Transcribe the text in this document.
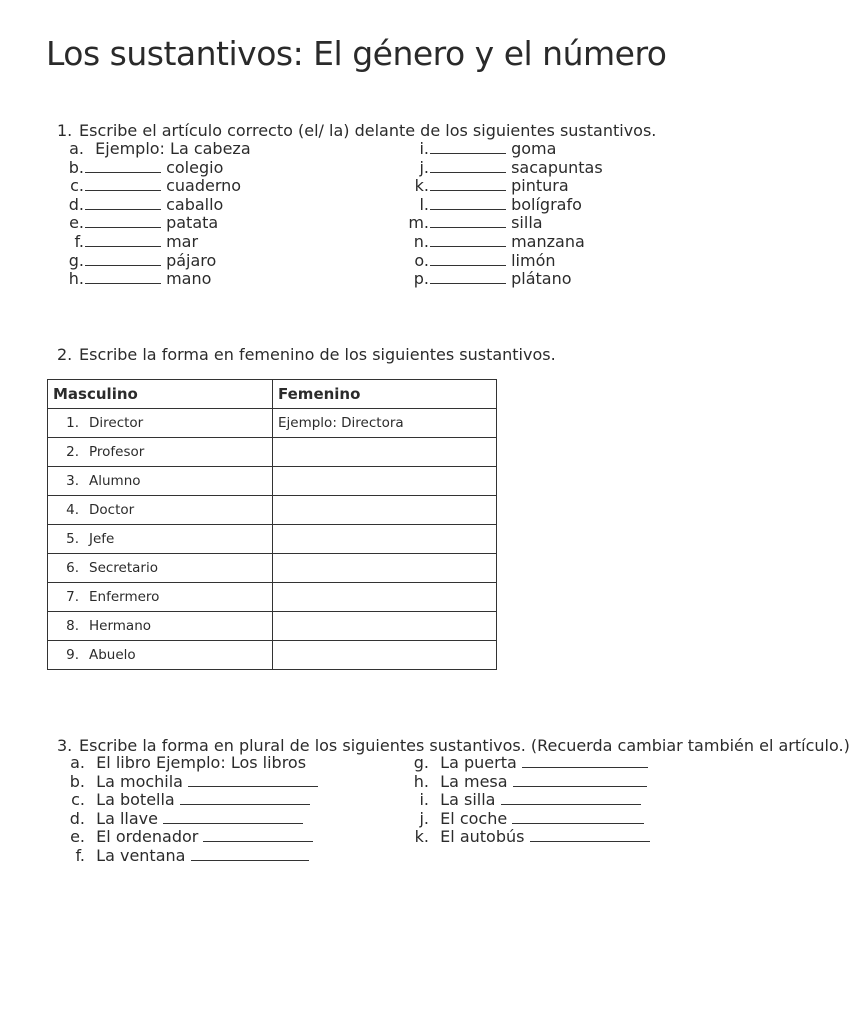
Los sustantivos: El género y el número
1. Escribe el artículo correcto (el/ la) delante de los siguientes sustantivos.
a. Ejemplo: La cabeza
b.	colegio
c.	cuaderno
d.	caballo
e.	patata
f.	mar
g.	pájaro
h.	mano
i.	goma
j.	sacapuntas
k.	pintura
l.	bolígrafo
m.	silla
n.	manzana
o.	limón
p.	plátano
2. Escribe la forma en femenino de los siguientes sustantivos.
Masculino	Femenino
1. Director	Ejemplo: Directora
2. Profesor	
3. Alumno	
4. Doctor	
5. Jefe	
6. Secretario	
7. Enfermero	
8. Hermano	
9. Abuelo	
3. Escribe la forma en plural de los siguientes sustantivos. (Recuerda cambiar también el artículo.)
a. El libro Ejemplo: Los libros
b. La mochila
c. La botella
d. La llave
e. El ordenador
f. La ventana
g. La puerta
h. La mesa
i. La silla
j. El coche
k. El autobús
